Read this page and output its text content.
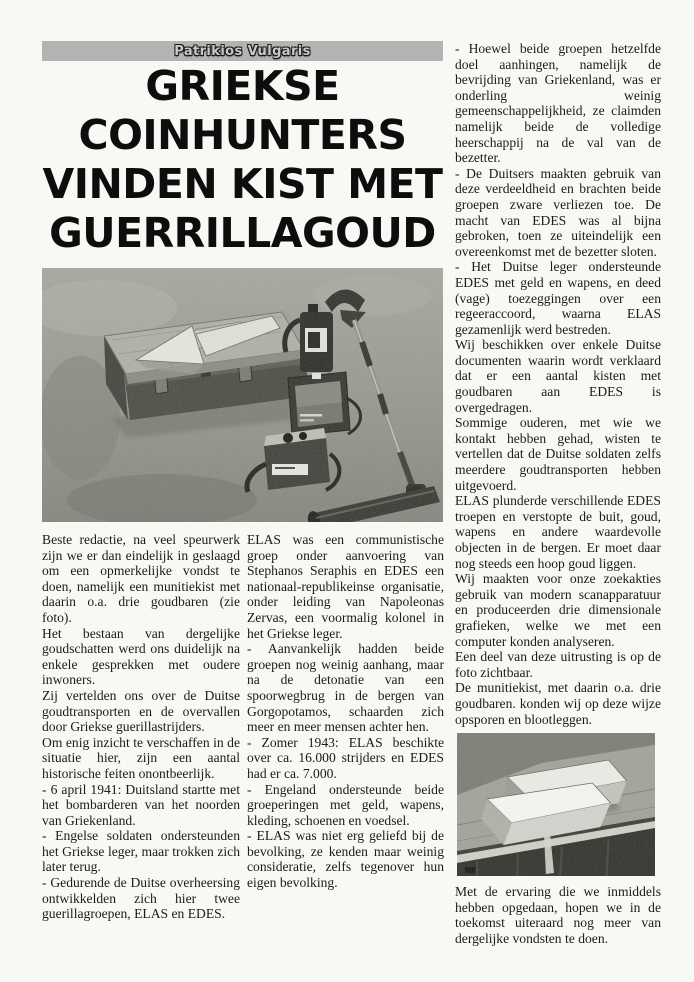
Patrikios Vulgaris
GRIEKSE
COINHUNTERS
VINDEN KIST MET
GUERRILLAGOUD

Beste redactie, na veel speurwerk zijn we er dan eindelijk in geslaagd om een opmerkelijke vondst te doen, namelijk een munitiekist met daarin o.a. drie goudbaren (zie foto).

Het bestaan van dergelijke goudschatten werd ons duidelijk na enkele gesprekken met oudere inwoners.

Zij vertelden ons over de Duitse goudtransporten en de overvallen door Griekse guerillastrijders.

Om enig inzicht te verschaffen in de situatie hier, zijn een aantal historische feiten onontbeerlijk.

- 6 april 1941: Duitsland startte met het bombarderen van het noorden van Griekenland.

- Engelse soldaten ondersteunden het Griekse leger, maar trokken zich later terug.

- Gedurende de Duitse overheersing ontwikkelden zich hier twee guerillagroepen, ELAS en EDES.

ELAS was een communistische groep onder aanvoering van Stephanos Seraphis en EDES een nationaal-republikeinse organisatie, onder leiding van Napoleonas Zervas, een voormalig kolonel in het Griekse leger.

- Aanvankelijk hadden beide groepen nog weinig aanhang, maar na de detonatie van een spoorwegbrug in de bergen van Gorgopotamos, schaarden zich meer en meer mensen achter hen.

- Zomer 1943: ELAS beschikte over ca. 16.000 strijders en EDES had er ca. 7.000.

- Engeland ondersteunde beide groeperingen met geld, wapens, kleding, schoenen en voedsel.

- ELAS was niet erg geliefd bij de bevolking, ze kenden maar weinig consideratie, zelfs tegenover hun eigen bevolking.

- Hoewel beide groepen hetzelfde doel aanhingen, namelijk de bevrijding van Griekenland, was er onderling weinig gemeenschappelijkheid, ze claimden namelijk beide de volledige heerschappij na de val van de bezetter.

- De Duitsers maakten gebruik van deze verdeeldheid en brachten beide groepen zware verliezen toe. De macht van EDES was al bijna gebroken, toen ze uiteindelijk een overeenkomst met de bezetter sloten.

- Het Duitse leger ondersteunde EDES met geld en wapens, en deed (vage) toezeggingen over een regeeraccoord, waarna ELAS gezamenlijk werd bestreden.

Wij beschikken over enkele Duitse documenten waarin wordt verklaard dat er een aantal kisten met goudbaren aan EDES is overgedragen.

Sommige ouderen, met wie we kontakt hebben gehad, wisten te vertellen dat de Duitse soldaten zelfs meerdere goudtransporten hebben uitgevoerd.

ELAS plunderde verschillende EDES troepen en verstopte de buit, goud, wapens en andere waardevolle objecten in de bergen. Er moet daar nog steeds een hoop goud liggen.

Wij maakten voor onze zoekakties gebruik van modern scanapparatuur en produceerden drie dimensionale grafieken, welke we met een computer konden analyseren.

Een deel van deze uitrusting is op de foto zichtbaar.

De munitiekist, met daarin o.a. drie goudbaren. konden wij op deze wijze opsporen en blootleggen.

Met de ervaring die we inmiddels hebben opgedaan, hopen we in de toekomst uiteraard nog meer van dergelijke vondsten te doen.
